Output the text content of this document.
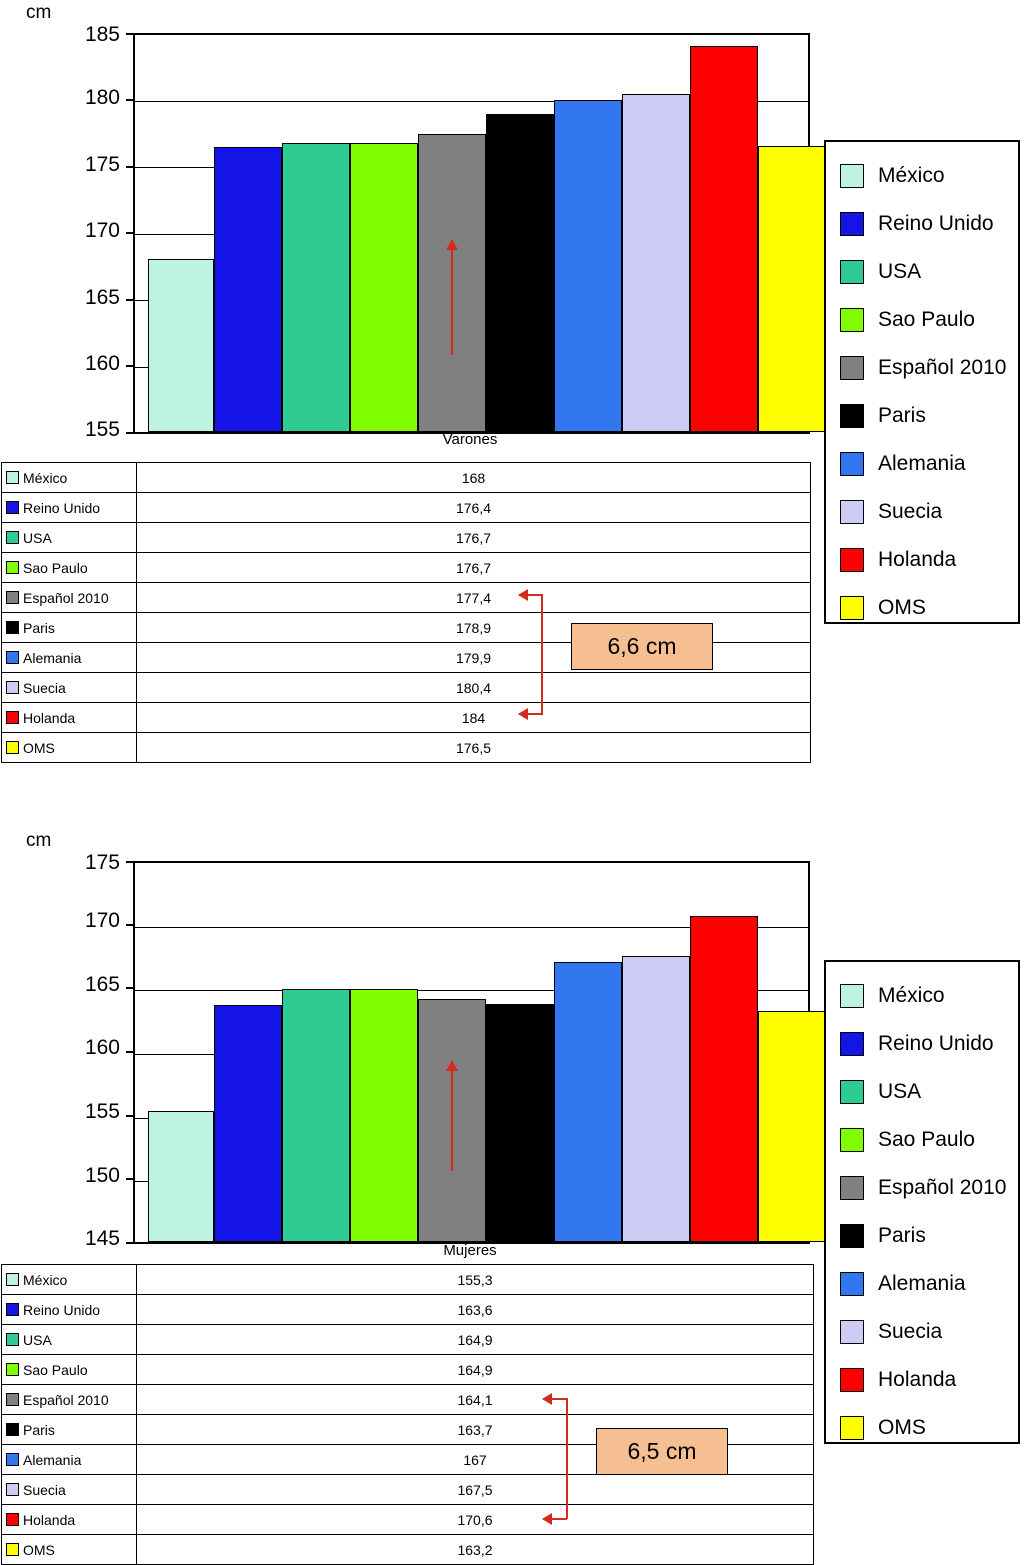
cm
155
160
165
170
175
180
185
Varones
México
Reino Unido
USA
Sao Paulo
Español 2010
Paris
Alemania
Suecia
Holanda
OMS
México	168
Reino Unido	176,4
USA	176,7
Sao Paulo	176,7
Español 2010	177,4
Paris	178,9
Alemania	179,9
Suecia	180,4
Holanda	184
OMS	176,5
6,6 cm
cm
145
150
155
160
165
170
175
Mujeres
México
Reino Unido
USA
Sao Paulo
Español 2010
Paris
Alemania
Suecia
Holanda
OMS
México	155,3
Reino Unido	163,6
USA	164,9
Sao Paulo	164,9
Español 2010	164,1
Paris	163,7
Alemania	167
Suecia	167,5
Holanda	170,6
OMS	163,2
6,5 cm
